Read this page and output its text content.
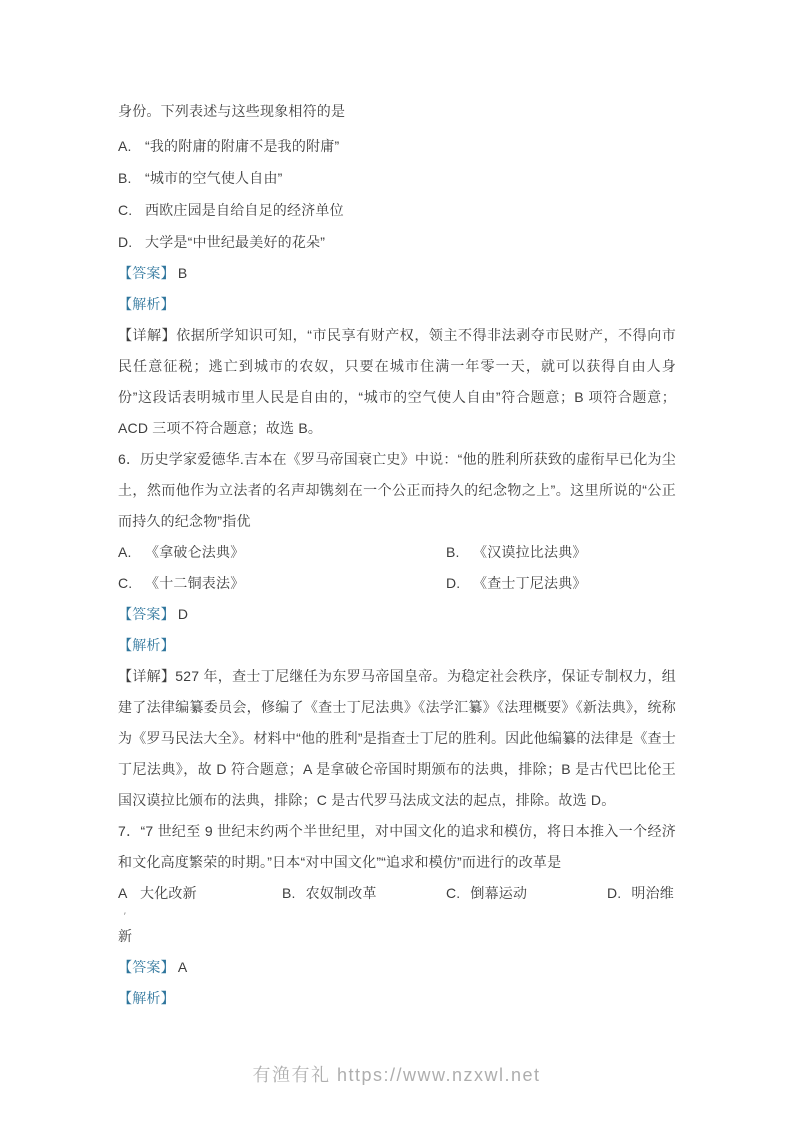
身份。下列表述与这些现象相符的是

A. “我的附庸的附庸不是我的附庸”
B. “城市的空气使人自由”
C. 西欧庄园是自给自足的经济单位
D. 大学是“中世纪最美好的花朵”

【答案】 B

【解析】

【详解】依据所学知识可知，“市民享有财产权，领主不得非法剥夺市民财产，不得向市民任意征税；逃亡到城市的农奴，只要在城市住满一年零一天，就可以获得自由人身份”这段话表明城市里人民是自由的，“城市的空气使人自由”符合题意；B 项符合题意；ACD 三项不符合题意；故选 B。

6．历史学家爱德华.吉本在《罗马帝国衰亡史》中说：“他的胜利所获致的虚衔早已化为尘土，然而他作为立法者的名声却镌刻在一个公正而持久的纪念物之上”。这里所说的“公正而持久的纪念物”指优

A. 《拿破仑法典》	B. 《汉谟拉比法典》
C. 《十二铜表法》	D. 《查士丁尼法典》

【答案】 D

【解析】

【详解】527 年，查士丁尼继任为东罗马帝国皇帝。为稳定社会秩序，保证专制权力，组建了法律编纂委员会，修编了《查士丁尼法典》《法学汇纂》《法理概要》《新法典》，统称为《罗马民法大全》。材料中“他的胜利”是指查士丁尼的胜利。因此他编纂的法律是《查士丁尼法典》，故 D 符合题意；A 是拿破仑帝国时期颁布的法典，排除；B 是古代巴比伦王国汉谟拉比颁布的法典，排除；C 是古代罗马法成文法的起点，排除。故选 D。

7．“7 世纪至 9 世纪末约两个半世纪里，对中国文化的追求和模仿，将日本推入一个经济和文化高度繁荣的时期。”日本“对中国文化”“追求和模仿”而进行的改革是

A 大化改新	B. 农奴制改革	C. 倒幕运动	D. 明治维
′

新

【答案】 A

【解析】

有渔有礼 https://www.nzxwl.net
